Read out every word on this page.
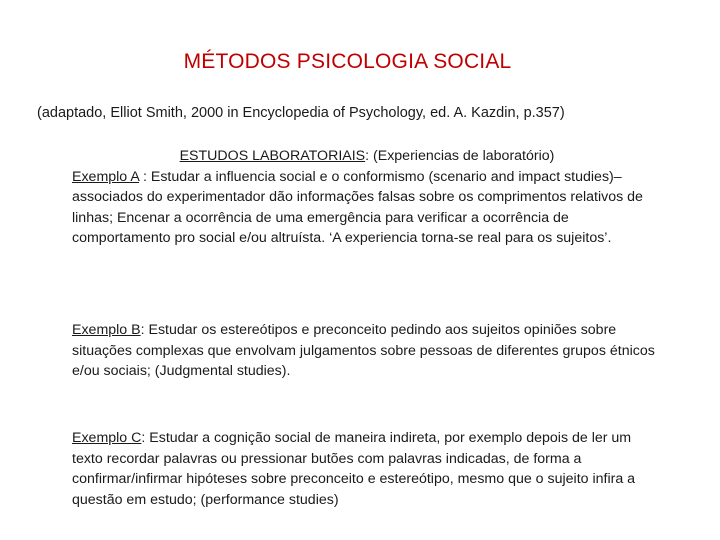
MÉTODOS PSICOLOGIA SOCIAL
(adaptado, Elliot Smith, 2000 in Encyclopedia of Psychology, ed. A. Kazdin, p.357)

ESTUDOS LABORATORIAIS: (Experiencias de laboratório)

Exemplo A : Estudar a influencia social e o conformismo (scenario and impact studies)– associados do experimentador dão informações falsas sobre os comprimentos relativos de linhas; Encenar a ocorrência de uma emergência para verificar a ocorrência de comportamento pro social e/ou altruísta. ‘A experiencia torna-se real para os sujeitos’.

Exemplo B: Estudar os estereótipos e preconceito pedindo aos sujeitos opiniões sobre situações complexas que envolvam julgamentos sobre pessoas de diferentes grupos étnicos e/ou sociais; (Judgmental studies).

Exemplo C: Estudar a cognição social de maneira indireta, por exemplo depois de ler um texto recordar palavras ou pressionar butões com palavras indicadas, de forma a confirmar/infirmar hipóteses sobre preconceito e estereótipo, mesmo que o sujeito infira a questão em estudo; (performance studies)
